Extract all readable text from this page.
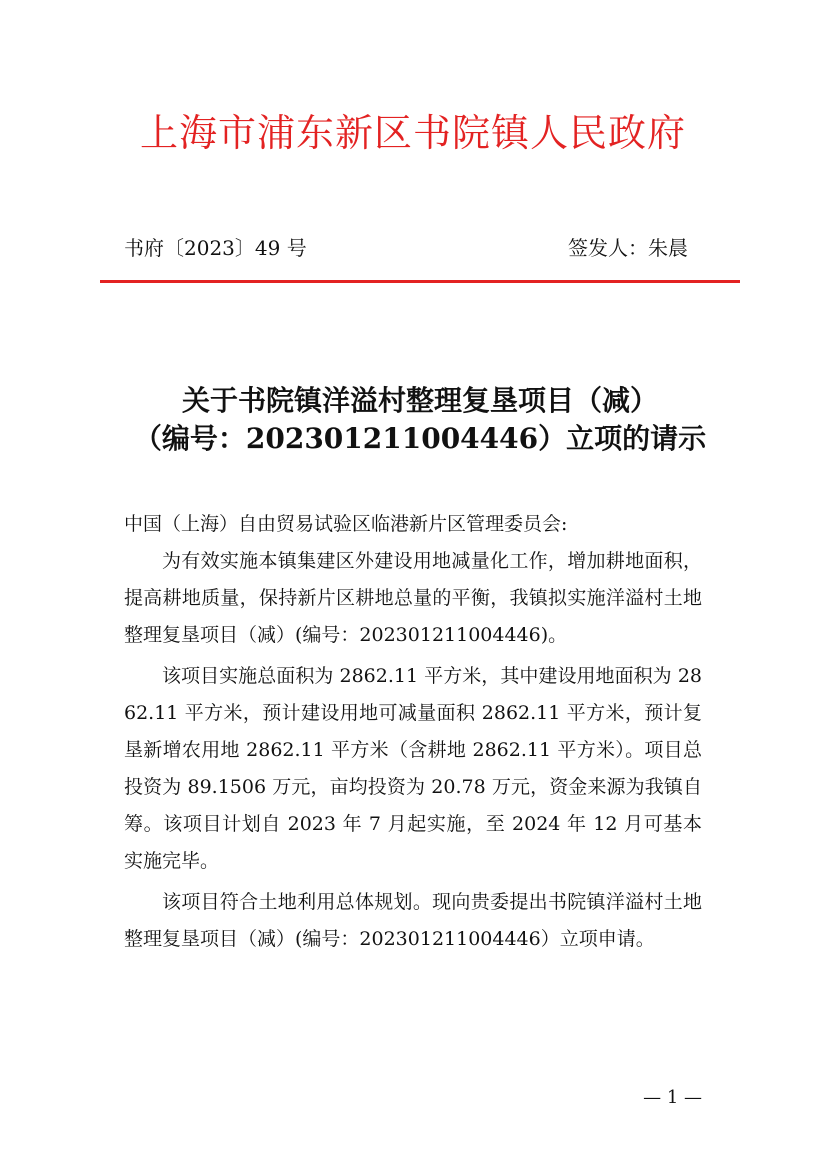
上海市浦东新区书院镇人民政府
书府〔2023〕49 号	签发人：朱晨
关于书院镇洋溢村整理复垦项目（减）
（编号：202301211004446）立项的请示

中国（上海）自由贸易试验区临港新片区管理委员会:

为有效实施本镇集建区外建设用地减量化工作，增加耕地面积，提高耕地质量，保持新片区耕地总量的平衡，我镇拟实施洋溢村土地整理复垦项目（减）(编号：202301211004446)。

该项目实施总面积为 2862.11 平方米，其中建设用地面积为 2862.11 平方米，预计建设用地可减量面积 2862.11 平方米，预计复垦新增农用地 2862.11 平方米（含耕地 2862.11 平方米）。项目总投资为 89.1506 万元，亩均投资为 20.78 万元，资金来源为我镇自筹。该项目计划自 2023 年 7 月起实施，至 2024 年 12 月可基本实施完毕。

该项目符合土地利用总体规划。现向贵委提出书院镇洋溢村土地整理复垦项目（减）(编号：202301211004446）立项申请。

— 1 —
